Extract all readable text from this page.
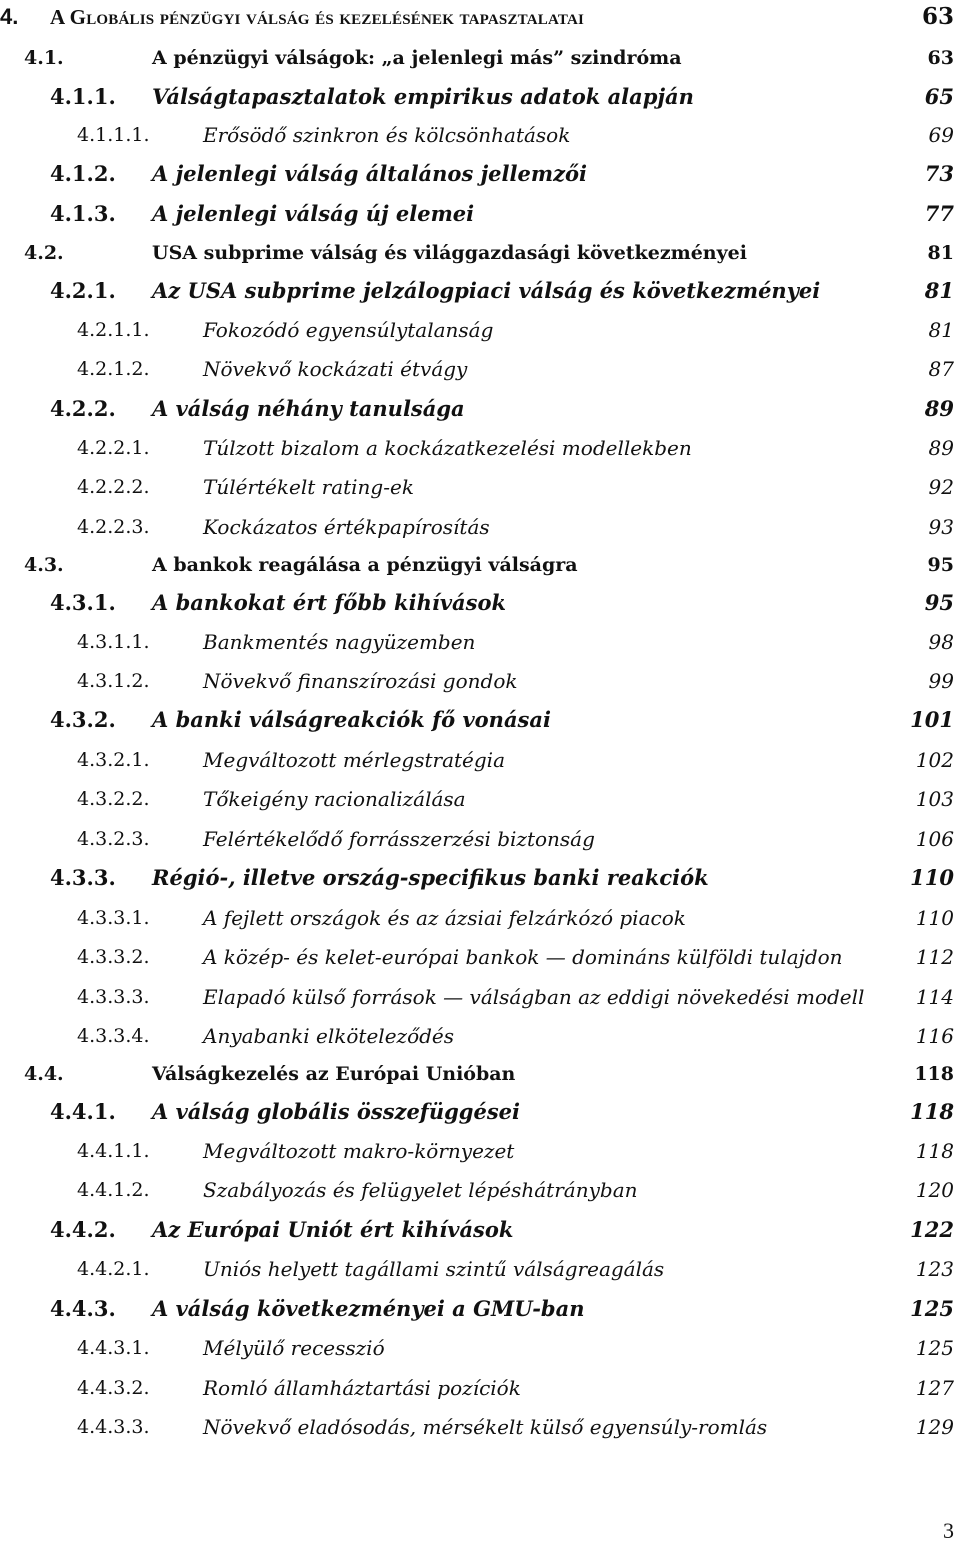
4. A Globális pénzügyi válság és kezelésének tapasztalatai	63
4.1.	A pénzügyi válságok: „a jelenlegi más” szindróma	63
4.1.1. Válságtapasztalatok empirikus adatok alapján	65
4.1.1.1.	Erősödő szinkron és kölcsönhatások	69
4.1.2. A jelenlegi válság általános jellemzői	73
4.1.3. A jelenlegi válság új elemei	77
4.2.	USA subprime válság és világgazdasági következményei	81
4.2.1. Az USA subprime jelzálogpiaci válság és következményei	81
4.2.1.1.	Fokozódó egyensúlytalanság	81
4.2.1.2.	Növekvő kockázati étvágy	87
4.2.2. A válság néhány tanulsága	89
4.2.2.1.	Túlzott bizalom a kockázatkezelési modellekben	89
4.2.2.2.	Túlértékelt rating-ek	92
4.2.2.3.	Kockázatos értékpapírosítás	93
4.3.	A bankok reagálása a pénzügyi válságra	95
4.3.1. A bankokat ért főbb kihívások	95
4.3.1.1.	Bankmentés nagyüzemben	98
4.3.1.2.	Növekvő finanszírozási gondok	99
4.3.2. A banki válságreakciók fő vonásai	101
4.3.2.1.	Megváltozott mérlegstratégia	102
4.3.2.2.	Tőkeigény racionalizálása	103
4.3.2.3.	Felértékelődő forrásszerzési biztonság	106
4.3.3. Régió-, illetve ország-specifikus banki reakciók	110
4.3.3.1.	A fejlett országok és az ázsiai felzárkózó piacok	110
4.3.3.2.	A közép- és kelet-európai bankok — domináns külföldi tulajdon	112
4.3.3.3.	Elapadó külső források — válságban az eddigi növekedési modell	114
4.3.3.4.	Anyabanki elköteleződés	116
4.4.	Válságkezelés az Európai Unióban	118
4.4.1. A válság globális összefüggései	118
4.4.1.1.	Megváltozott makro-környezet	118
4.4.1.2.	Szabályozás és felügyelet lépéshátrányban	120
4.4.2. Az Európai Uniót ért kihívások	122
4.4.2.1.	Uniós helyett tagállami szintű válságreagálás	123
4.4.3. A válság következményei a GMU-ban	125
4.4.3.1.	Mélyülő recesszió	125
4.4.3.2.	Romló államháztartási pozíciók	127
4.4.3.3.	Növekvő eladósodás, mérsékelt külső egyensúly-romlás	129
3
